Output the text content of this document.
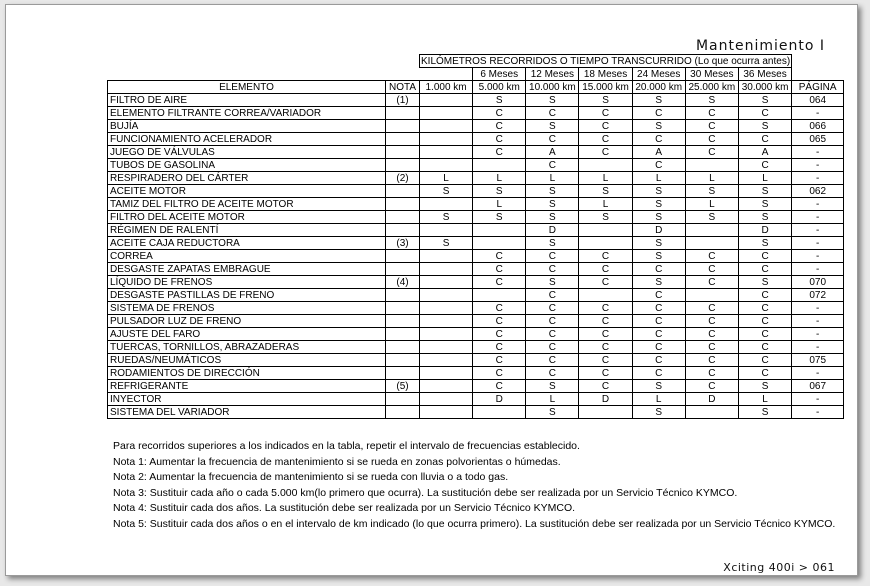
Mantenimiento I
		KILÓMETROS RECORRIDOS O TIEMPO TRANSCURRIDO (Lo que ocurra antes)							
			6 Meses	12 Meses	18 Meses	24 Meses	30 Meses	36 Meses	
ELEMENTO	NOTA	1.000 km	5.000 km	10.000 km	15.000 km	20.000 km	25.000 km	30.000 km	PÁGINA
FILTRO DE AIRE	(1)		S	S	S	S	S	S	064
ELEMENTO FILTRANTE CORREA/VARIADOR			C	C	C	C	C	C	-
BUJÍA			C	S	C	S	C	S	066
FUNCIONAMIENTO ACELERADOR			C	C	C	C	C	C	065
JUEGO DE VÁLVULAS			C	A	C	A	C	A	-
TUBOS DE GASOLINA				C		C		C	-
RESPIRADERO DEL CÁRTER	(2)	L	L	L	L	L	L	L	-
ACEITE MOTOR		S	S	S	S	S	S	S	062
TAMIZ DEL FILTRO DE ACEITE MOTOR			L	S	L	S	L	S	-
FILTRO DEL ACEITE MOTOR		S	S	S	S	S	S	S	-
RÉGIMEN DE RALENTÍ				D		D		D	-
ACEITE CAJA REDUCTORA	(3)	S		S		S		S	-
CORREA			C	C	C	S	C	C	-
DESGASTE ZAPATAS EMBRAGUE			C	C	C	C	C	C	-
LÍQUIDO DE FRENOS	(4)		C	S	C	S	C	S	070
DESGASTE PASTILLAS DE FRENO				C		C		C	072
SISTEMA DE FRENOS			C	C	C	C	C	C	-
PULSADOR LUZ DE FRENO			C	C	C	C	C	C	-
AJUSTE DEL FARO			C	C	C	C	C	C	-
TUERCAS, TORNILLOS, ABRAZADERAS			C	C	C	C	C	C	-
RUEDAS/NEUMÁTICOS			C	C	C	C	C	C	075
RODAMIENTOS DE DIRECCIÓN			C	C	C	C	C	C	-
REFRIGERANTE	(5)		C	S	C	S	C	S	067
INYECTOR			D	L	D	L	D	L	-
SISTEMA DEL VARIADOR				S		S		S	-
Para recorridos superiores a los indicados en la tabla, repetir el intervalo de frecuencias establecido.
Nota 1: Aumentar la frecuencia de mantenimiento si se rueda en zonas polvorientas o húmedas.
Nota 2: Aumentar la frecuencia de mantenimiento si se rueda con lluvia o a todo gas.
Nota 3: Sustituir cada año o cada 5.000 km(lo primero que ocurra). La sustitución debe ser realizada por un Servicio Técnico KYMCO.
Nota 4: Sustituir cada dos años. La sustitución debe ser realizada por un Servicio Técnico KYMCO.
Nota 5: Sustituir cada dos años o en el intervalo de km indicado (lo que ocurra primero). La sustitución debe ser realizada por un Servicio Técnico KYMCO.
Xciting 400i > 061
